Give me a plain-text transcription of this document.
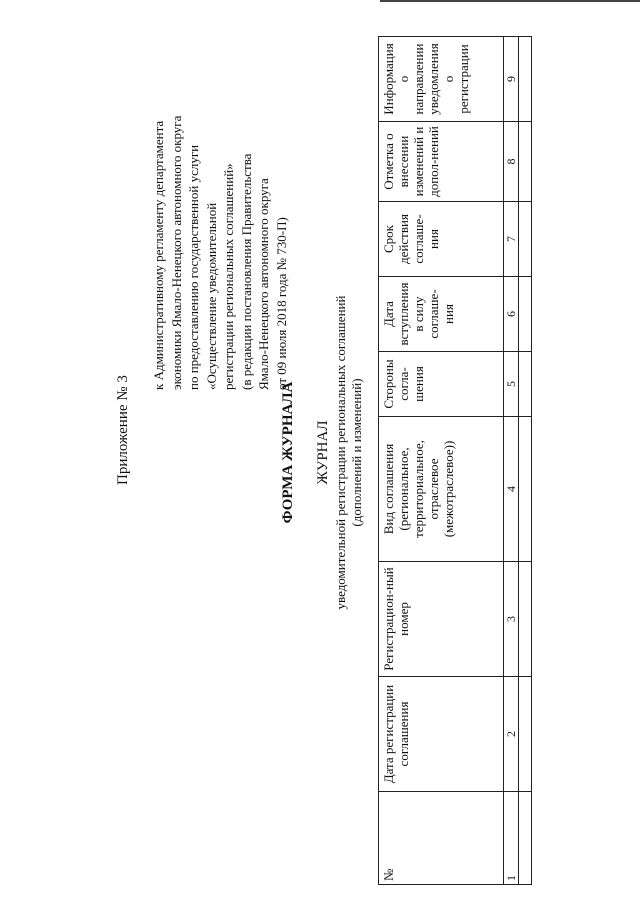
Приложение № 3
к Административному регламенту департамента экономики Ямало-Ненецкого автономного округа по предоставлению государственной услуги «Осуществление уведомительной регистрации региональных соглашений» (в редакции постановления Правительства Ямало-Ненецкого автономного округа от 09 июля 2018 года № 730-П)
ФОРМА ЖУРНАЛА ЖУРНАЛ уведомительной регистрации региональных соглашений (дополнений и изменений)
№	Дата регистрации соглашения	Регистрацион-ный номер	Вид соглашения (региональное, территориальное, отраслевое (межотраслевое))	Стороны согла-шения	Дата вступления в силу соглаше-ния	Срок действия соглаше-ния	Отметка о внесении изменений и допол-нений	Информация о направлении уведомления о регистрации
1	2	3	4	5	6	7	8	9
